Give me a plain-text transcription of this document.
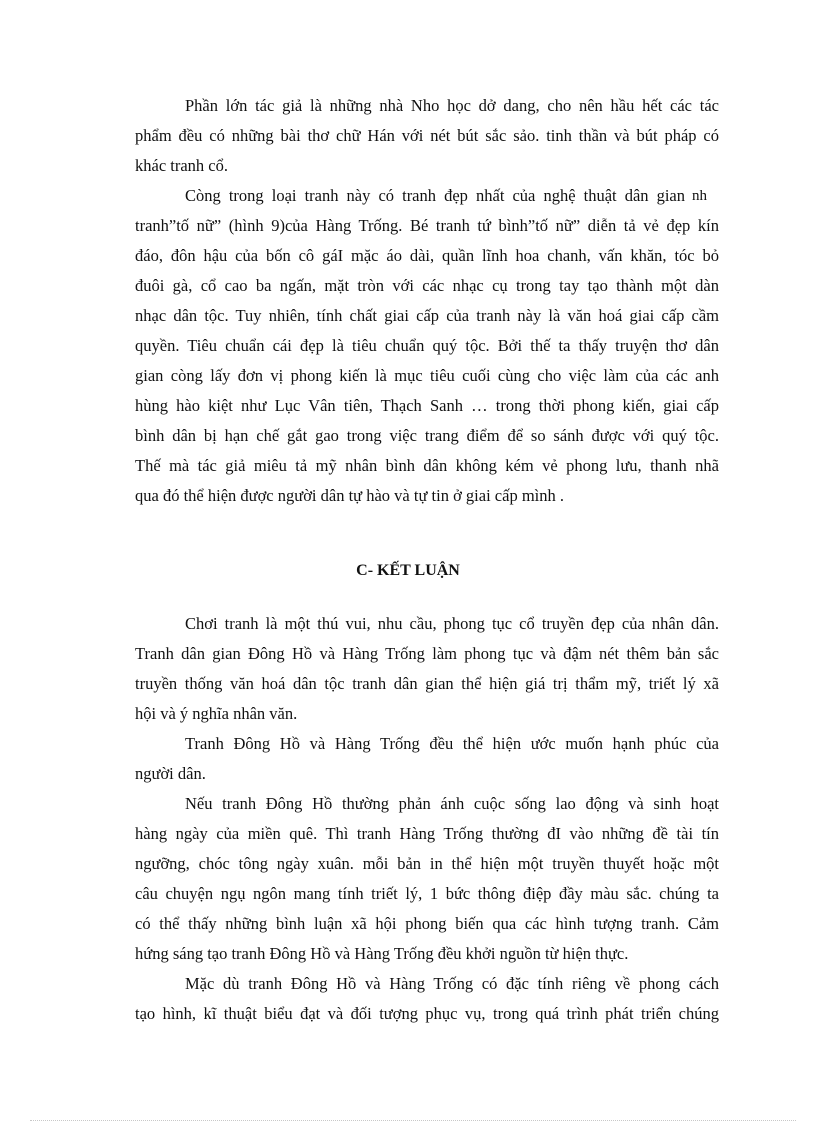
Phần lớn tác giả là những nhà Nho học dở dang, cho nên hầu hết các tác
phẩm đều có những bài thơ chữ Hán với nét bút sắc sảo. tinh thần và bút pháp có
khác tranh cổ.
Còng trong loại tranh này có tranh đẹp nhất của nghệ thuật dân gian nh
tranh”tố nữ” (hình 9)của Hàng Trống. Bé tranh tứ bình”tố nữ” diễn tả vẻ đẹp kín
đáo, đôn hậu của bốn cô gáI mặc áo dài, quần lĩnh hoa chanh, vấn khăn, tóc bỏ
đuôi gà, cổ cao ba ngấn, mặt tròn với các nhạc cụ trong tay tạo thành một dàn
nhạc dân tộc. Tuy nhiên, tính chất giai cấp của tranh này là văn hoá giai cấp cầm
quyền. Tiêu chuẩn cái đẹp là tiêu chuẩn quý tộc. Bởi thế ta thấy truyện thơ dân
gian còng lấy đơn vị phong kiến là mục tiêu cuối cùng cho việc làm của các anh
hùng hào kiệt như Lục Vân tiên, Thạch Sanh … trong thời phong kiến, giai cấp
bình dân bị hạn chế gắt gao trong việc trang điểm để so sánh được với quý tộc.
Thế mà tác giả miêu tả mỹ nhân bình dân không kém vẻ phong lưu, thanh nhã
qua đó thể hiện được người dân tự hào và tự tin ở giai cấp mình .
C- KẾT LUẬN
Chơi tranh là một thú vui, nhu cầu, phong tục cổ truyền đẹp của nhân dân.
Tranh dân gian Đông Hồ và Hàng Trống làm phong tục và đậm nét thêm bản sắc
truyền thống văn hoá dân tộc tranh dân gian thể hiện giá trị thẩm mỹ, triết lý xã
hội và ý nghĩa nhân văn.
Tranh Đông Hồ và Hàng Trống đều thể hiện ước muốn hạnh phúc của
người dân.
Nếu tranh Đông Hồ thường phản ánh cuộc sống lao động và sinh hoạt
hàng ngày của miền quê. Thì tranh Hàng Trống thường đI vào những đề tài tín
ngưỡng, chóc tông ngày xuân. mỗi bản in thể hiện một truyền thuyết hoặc một
câu chuyện ngụ ngôn mang tính triết lý, 1 bức thông điệp đầy màu sắc. chúng ta
có thể thấy những bình luận xã hội phong biến qua các hình tượng tranh. Cảm
hứng sáng tạo tranh Đông Hồ và Hàng Trống đều khởi nguồn từ hiện thực.
Mặc dù tranh Đông Hồ và Hàng Trống có đặc tính riêng về phong cách
tạo hình, kĩ thuật biểu đạt và đối tượng phục vụ, trong quá trình phát triển chúng
